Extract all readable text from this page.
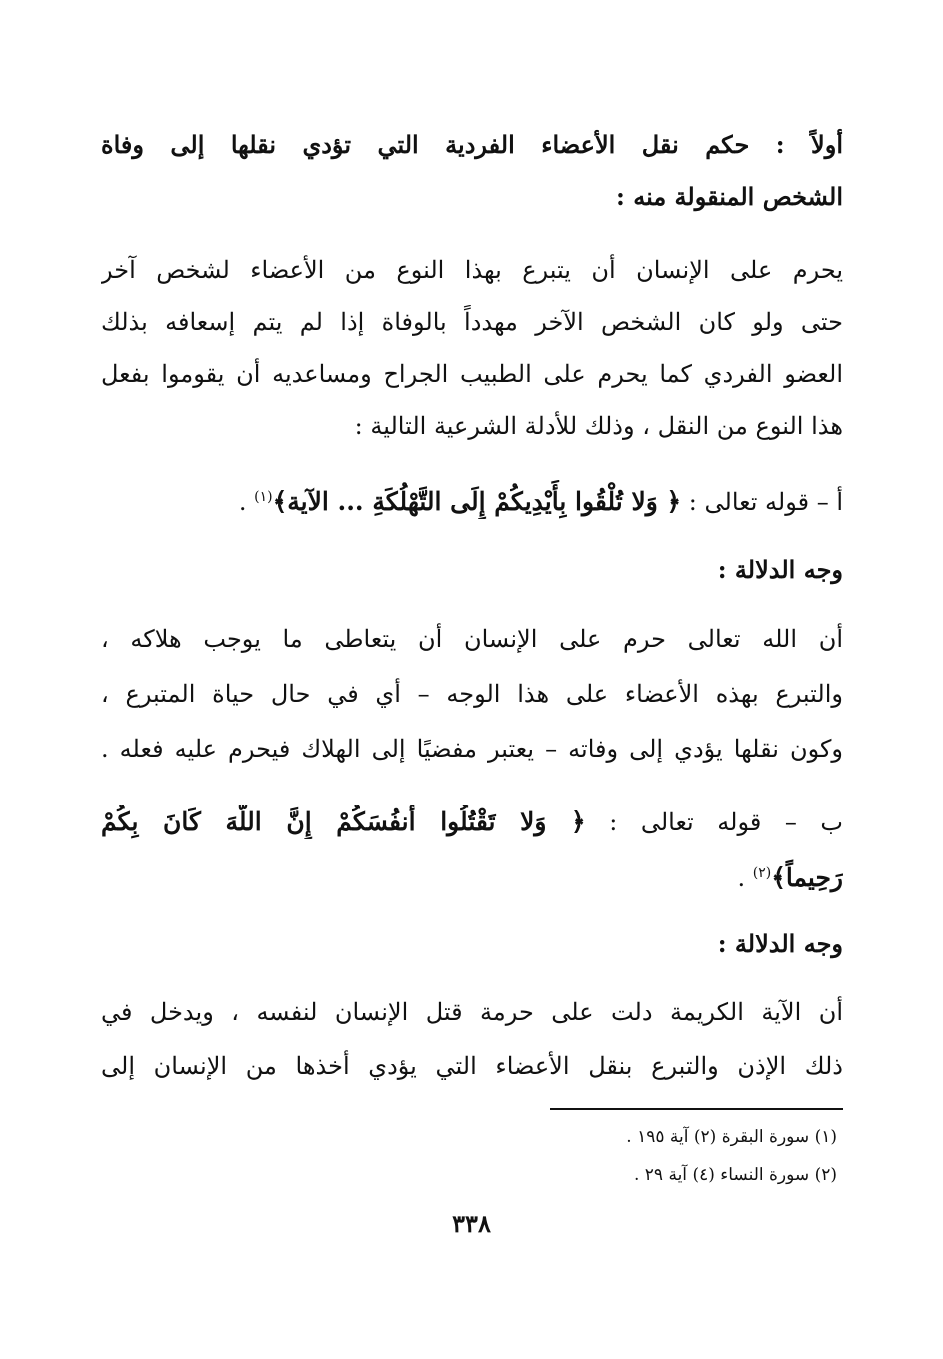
أولاً : حكم نقل الأعضاء الفردية التي تؤدي نقلها إلى وفاة
الشخص المنقولة منه :
يحرم على الإنسان أن يتبرع بهذا النوع من الأعضاء لشخص آخر
حتى ولو كان الشخص الآخر مهدداً بالوفاة إذا لم يتم إسعافه بذلك
العضو الفردي كما يحرم على الطبيب الجراح ومساعديه أن يقوموا بفعل
هذا النوع من النقل ، وذلك للأدلة الشرعية التالية :
أ – قوله تعالى : ﴿ وَلا تُلْقُوا بِأَيْدِيكُمْ إِلَى التَّهْلُكَةِ ... الآية﴾$^{(١)}$ .
وجه الدلالة :
أن الله تعالى حرم على الإنسان أن يتعاطى ما يوجب هلاكه ،
والتبرع بهذه الأعضاء على هذا الوجه – أي في حال حياة المتبرع ،
وكون نقلها يؤدي إلى وفاته – يعتبر مفضيًا إلى الهلاك فيحرم عليه فعله .
ب – قوله تعالى : ﴿ وَلا تَقْتُلُوا أَنفُسَكُمْ إِنَّ اللَّهَ كَانَ بِكُمْ
رَحِيماً﴾$^{(٢)}$ .
وجه الدلالة :
أن الآية الكريمة دلت على حرمة قتل الإنسان لنفسه ، ويدخل في
ذلك الإذن والتبرع بنقل الأعضاء التي يؤدي أخذها من الإنسان إلى
(١) سورة البقرة (٢) آية ١٩٥ .
(٢) سورة النساء (٤) آية ٢٩ .
٣٣٨
